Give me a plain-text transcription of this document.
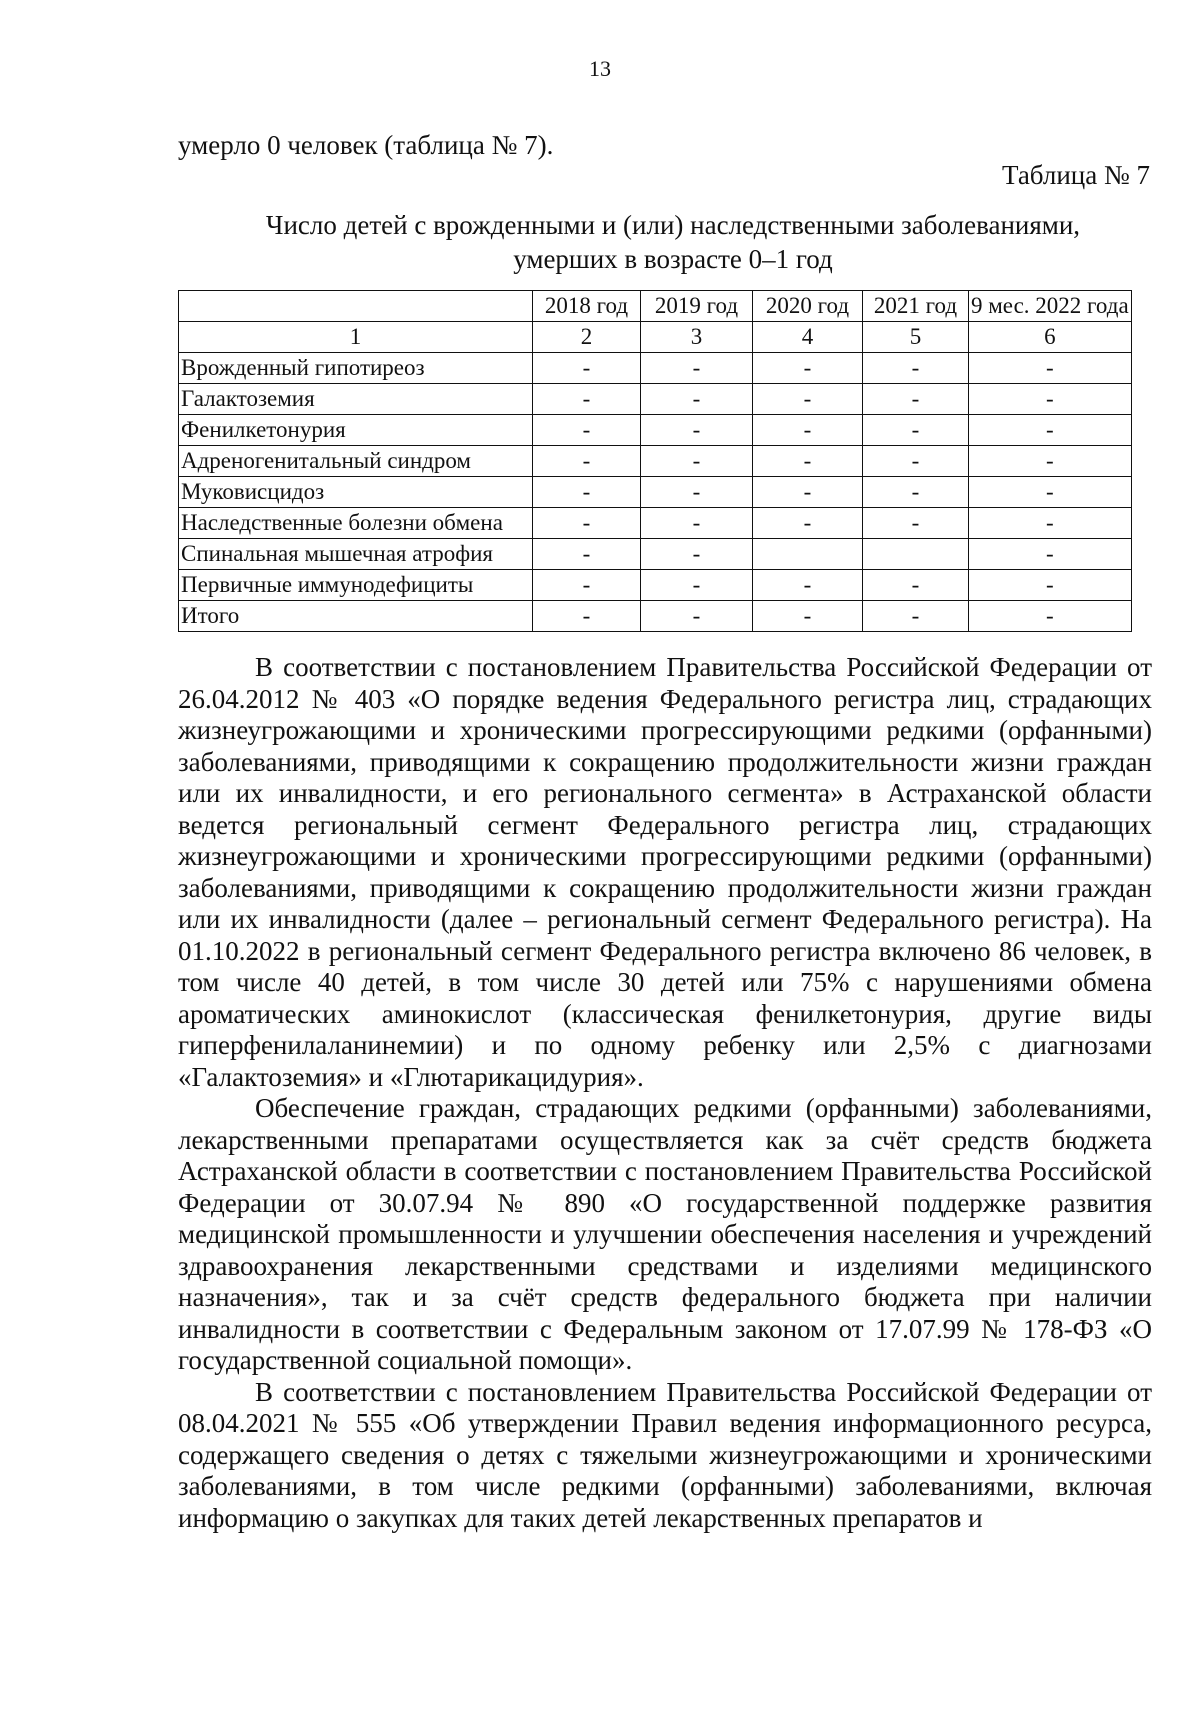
13
умерло 0 человек (таблица № 7).
Таблица № 7
Число детей с врожденными и (или) наследственными заболеваниями,
умерших в возрасте 0–1 год
	2018 год	2019 год	2020 год	2021 год	9 мес. 2022 года
1	2	3	4	5	6
Врожденный гипотиреоз	-	-	-	-	-
Галактоземия	-	-	-	-	-
Фенилкетонурия	-	-	-	-	-
Адреногенитальный синдром	-	-	-	-	-
Муковисцидоз	-	-	-	-	-
Наследственные болезни обмена	-	-	-	-	-
Спинальная мышечная атрофия	-	-			-
Первичные иммунодефициты	-	-	-	-	-
Итого	-	-	-	-	-

В соответствии с постановлением Правительства Российской Федерации от 26.04.2012 № 403 «О порядке ведения Федерального регистра лиц, страдающих жизнеугрожающими и хроническими прогрессирующими редкими (орфанными) заболеваниями, приводящими к сокращению продолжительности жизни граждан или их инвалидности, и его регионального сегмента» в Астраханской области ведется региональный сегмент Федерального регистра лиц, страдающих жизнеугрожающими и хроническими прогрессирующими редкими (орфанными) заболеваниями, приводящими к сокращению продолжительности жизни граждан или их инвалидности (далее – региональный сегмент Федерального регистра). На 01.10.2022 в региональный сегмент Федерального регистра включено 86 человек, в том числе 40 детей, в том числе 30 детей или 75% с нарушениями обмена ароматических аминокислот (классическая фенилкетонурия, другие виды гиперфенилаланинемии) и по одному ребенку или 2,5% с диагнозами «Галактоземия» и «Глютарикацидурия».

Обеспечение граждан, страдающих редкими (орфанными) заболеваниями, лекарственными препаратами осуществляется как за счёт средств бюджета Астраханской области в соответствии с постановлением Правительства Российской Федерации от 30.07.94 № 890 «О государственной поддержке развития медицинской промышленности и улучшении обеспечения населения и учреждений здравоохранения лекарственными средствами и изделиями медицинского назначения», так и за счёт средств федерального бюджета при наличии инвалидности в соответствии с Федеральным законом от 17.07.99 № 178-ФЗ «О государственной социальной помощи».

В соответствии с постановлением Правительства Российской Федерации от 08.04.2021 № 555 «Об утверждении Правил ведения информационного ресурса, содержащего сведения о детях с тяжелыми жизнеугрожающими и хроническими заболеваниями, в том числе редкими (орфанными) заболеваниями, включая информацию о закупках для таких детей лекарственных препаратов и
